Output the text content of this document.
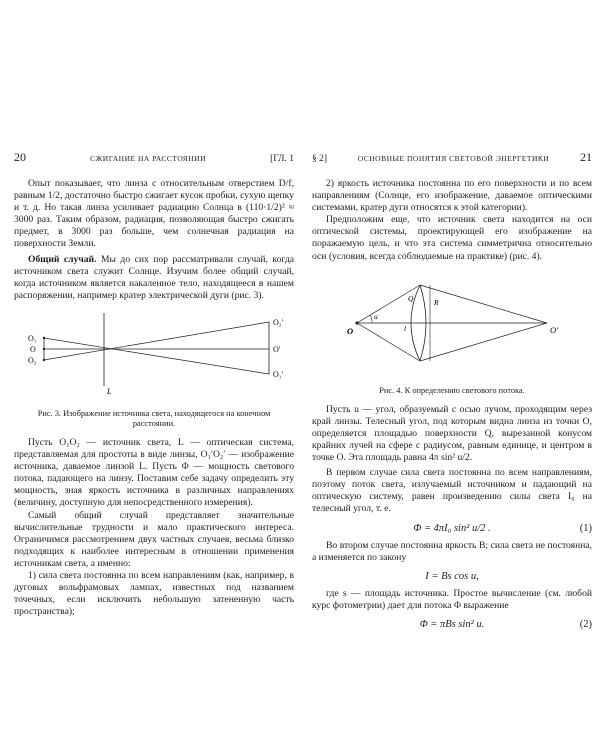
20	СЖИГАНИЕ НА РАССТОЯНИИ	[ГЛ. 1

Опыт показывает, что линза с относительным отверстием D/f, равным 1/2, достаточно быстро сжигает кусок пробки, сухую щепку и т. д. Но такая линза усиливает радиацию Солнца в (110·1/2)² ≈ 3000 раз. Таким образом, радиация, позволяющая быстро сжигать предмет, в 3000 раз больше, чем солнечная радиация на поверхности Земли.

Общий случай. Мы до сих пор рассматривали случай, когда источником света служит Солнце. Изучим более общий случай, когда источником является накаленное тело, находящееся в нашем распоряжении, например кратер электрической дуги (рис. 3).

O₁
O
O₂
O₂′
O′
O₁′
L
Рис. 3. Изображение источника света, находящегося на конечном расстоянии.

Пусть O₁O₂ — источник света, L — оптическая система, представляемая для простоты в виде линзы, O₁′O₂′ — изображение источника, даваемое линзой L. Пусть Φ — мощность светового потока, падающего на линзу. Поставим себе задачу определить эту мощность, зная яркость источника в различных направлениях (величину, доступную для непосредственного измерения).

Самый общий случай представляет значительные вычислительные трудности и мало практического интереса. Ограничимся рассмотрением двух частных случаев, весьма близко подходящих к наиболее интересным в отношении применения источникам света, а именно:

1) сила света постоянна по всем направлениям (как, например, в дуговых вольфрамовых лампах, известных под названием точечных, если исключить небольшую затененную часть пространства);

§ 2]	ОСНОВНЫЕ ПОНЯТИЯ СВЕТОВОЙ ЭНЕРГЕТИКИ	21

2) яркость источника постоянна по его поверхности и по всем направлениям (Солнце, его изображение, даваемое оптическими системами, кратер дуги относятся к этой категории).

Предположим еще, что источник света находится на оси оптической системы, проектирующей его изображение на поражаемую цель, и что эта система симметрична относительно оси (условия, всегда соблюдаемые на практике) (рис. 4).

O	O′
u
l
Q	R
Рис. 4. К определению светового потока.

Пусть u — угол, образуемый с осью лучом, проходящим через край линзы. Телесный угол, под которым видна линза из точки O, определяется площадью поверхности Q, вырезанной конусом крайних лучей на сфере с радиусом, равным единице, и центром в точке O. Эта площадь равна 4π sin² u/2.

В первом случае сила света постоянна по всем направлениям, поэтому поток света, излучаемый источником и падающий на оптическую систему, равен произведению силы света I₀ на телесный угол, т. е.

Φ = 4πI₀ sin² u/2 .	(1)

Во втором случае постоянна яркость B; сила света не постоянна, а изменяется по закону

I = Bs cos u,

где s — площадь источника. Простое вычисление (см. любой курс фотометрии) дает для потока Φ выражение

Φ = πBs sin² u.	(2)
